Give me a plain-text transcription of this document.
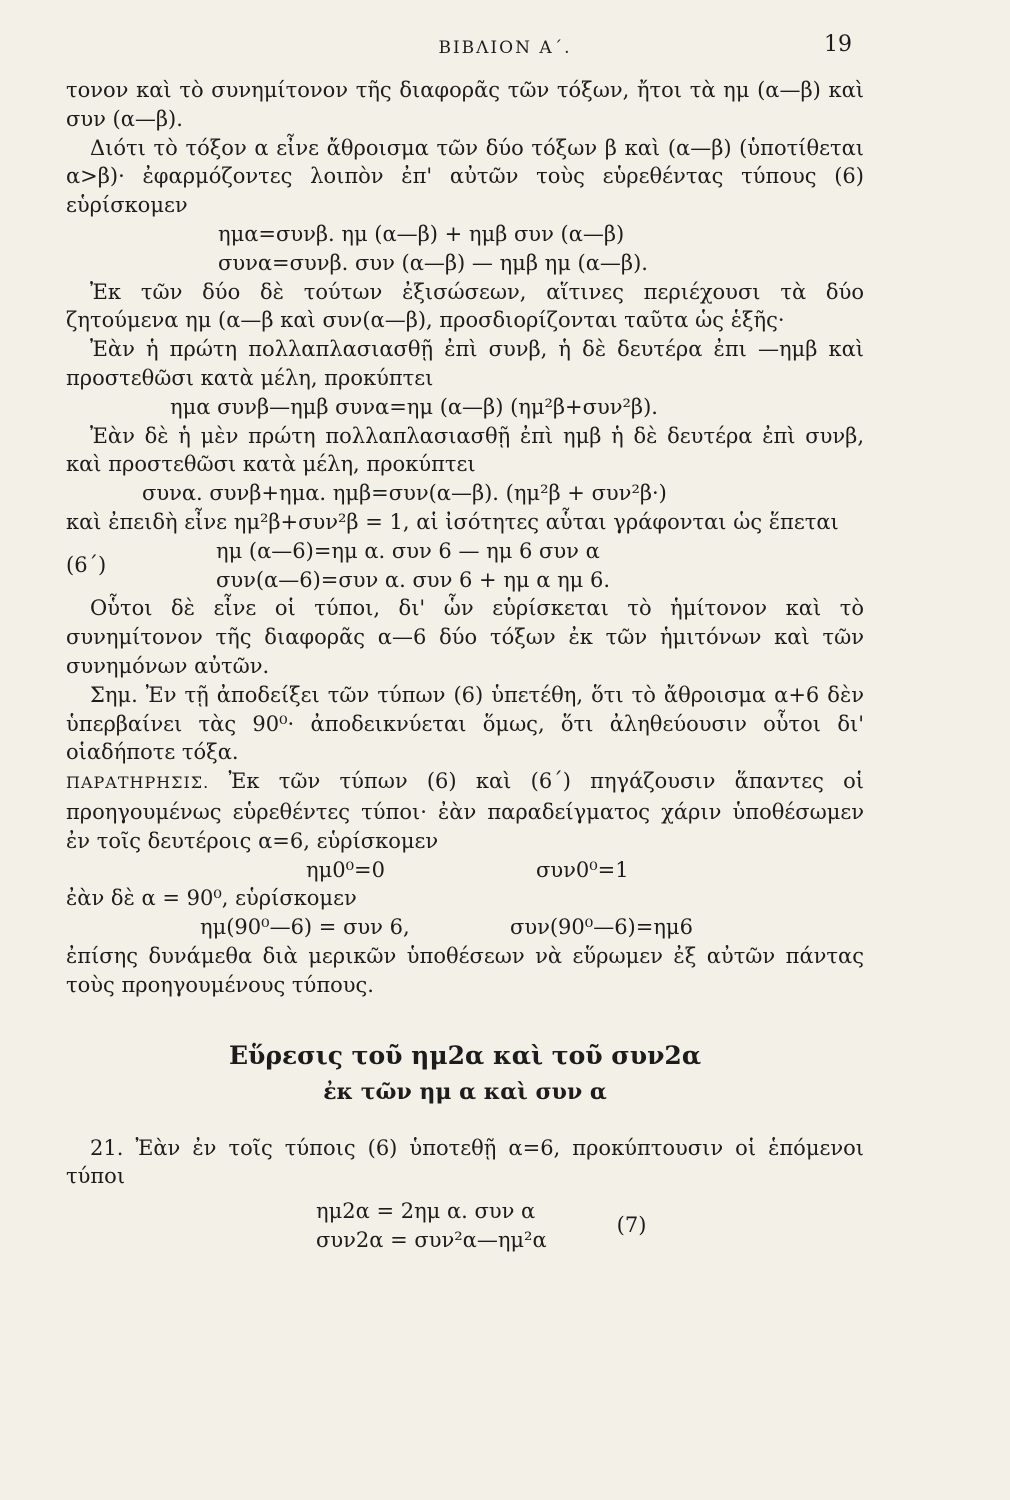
ΒΙΒΛΙΟΝ Α΄.	19

τονον καὶ τὸ συνημίτονον τῆς διαφορᾶς τῶν τόξων, ἤτοι τὰ ημ (α—β) καὶ συν (α—β).

Διότι τὸ τόξον α εἶνε ἄθροισμα τῶν δύο τόξων β καὶ (α—β) (ὑποτίθεται α>β)· ἐφαρμόζοντες λοιπὸν ἐπ' αὐτῶν τοὺς εὑρεθέντας τύπους (6) εὑρίσκομεν

ημα=συνβ. ημ (α—β) + ημβ συν (α—β)
συνα=συνβ. συν (α—β) — ημβ ημ (α—β).

Ἐκ τῶν δύο δὲ τούτων ἐξισώσεων, αἵτινες περιέχουσι τὰ δύο ζητούμενα ημ (α—β καὶ συν(α—β), προσδιορίζονται ταῦτα ὡς ἑξῆς·

Ἐὰν ἡ πρώτη πολλαπλασιασθῇ ἐπὶ συνβ, ἡ δὲ δευτέρα ἐπι —ημβ καὶ προστεθῶσι κατὰ μέλη, προκύπτει

ημα συνβ—ημβ συνα=ημ (α—β) (ημ²β+συν²β).

Ἐὰν δὲ ἡ μὲν πρώτη πολλαπλασιασθῇ ἐπὶ ημβ ἡ δὲ δευτέρα ἐπὶ συνβ, καὶ προστεθῶσι κατὰ μέλη, προκύπτει

συνα. συνβ+ημα. ημβ=συν(α—β). (ημ²β + συν²β·)

καὶ ἐπειδὴ εἶνε ημ²β+συν²β = 1, αἱ ἰσότητες αὗται γράφονται ὡς ἕπεται

(6΄)
ημ (α—6)=ημ α. συν 6 — ημ 6 συν α
συν(α—6)=συν α. συν 6 + ημ α ημ 6.

Οὗτοι δὲ εἶνε οἱ τύποι, δι' ὧν εὑρίσκεται τὸ ἡμίτονον καὶ τὸ συνημίτονον τῆς διαφορᾶς α—6 δύο τόξων ἐκ τῶν ἡμιτόνων καὶ τῶν συνημόνων αὐτῶν.

Σημ. Ἐν τῇ ἀποδείξει τῶν τύπων (6) ὑπετέθη, ὅτι τὸ ἄθροισμα α+6 δὲν ὑπερβαίνει τὰς 90⁰· ἀποδεικνύεται ὅμως, ὅτι ἀληθεύουσιν οὗτοι δι' οἱαδήποτε τόξα.

ΠΑΡΑΤΗΡΗΣΙΣ. Ἐκ τῶν τύπων (6) καὶ (6΄) πηγάζουσιν ἅπαντες οἱ προηγουμένως εὑρεθέντες τύποι· ἐὰν παραδείγματος χάριν ὑποθέσωμεν ἐν τοῖς δευτέροις α=6, εὑρίσκομεν

ημ0⁰=0	συν0⁰=1

ἐὰν δὲ α = 90⁰, εὑρίσκομεν

ημ(90⁰—6) = συν 6,	συν(90⁰—6)=ημ6

ἐπίσης δυνάμεθα διὰ μερικῶν ὑποθέσεων νὰ εὕρωμεν ἐξ αὐτῶν πάντας τοὺς προηγουμένους τύπους.

Εὕρεσις τοῦ ημ2α καὶ τοῦ συν2α
ἐκ τῶν ημ α καὶ συν α

21. Ἐὰν ἐν τοῖς τύποις (6) ὑποτεθῇ α=6, προκύπτουσιν οἱ ἑπόμενοι τύποι

ημ2α = 2ημ α. συν α
συν2α = συν²α—ημ²α
(7)
